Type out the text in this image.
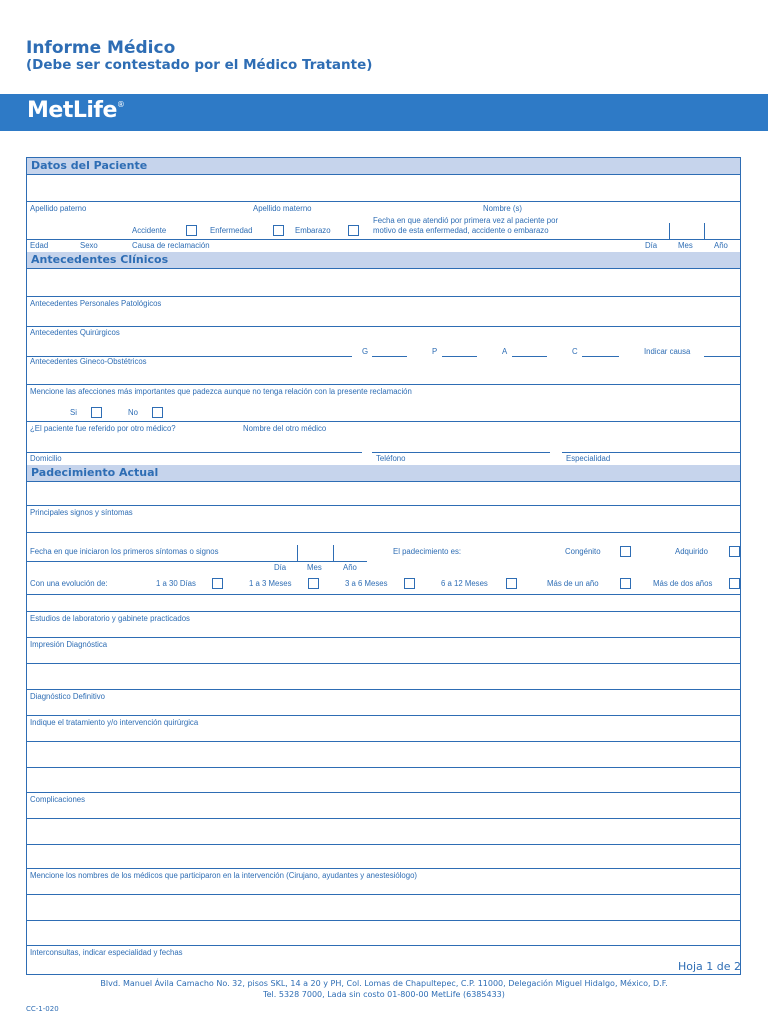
Informe Médico
(Debe ser contestado por el Médico Tratante)
MetLife®
Datos del Paciente
Apellido paterno	Apellido materno	Nombre (s)
Accidente	Enfermedad	Embarazo
Fecha en que atendió por primera vez al paciente por
motivo de esta enfermedad, accidente o embarazo
Edad	Sexo	Causa de reclamación	Día	Mes	Año
Antecedentes Clínicos
Antecedentes Personales Patológicos
Antecedentes Quirúrgicos
Antecedentes Gineco-Obstétricos
G	P	A	C	Indicar causa
Mencione las afecciones más importantes que padezca aunque no tenga relación con la presente reclamación
Si	No
¿El paciente fue referido por otro médico?	Nombre del otro médico
Domicilio	Teléfono	Especialidad
Padecimiento Actual
Principales signos y síntomas
Fecha en que iniciaron los primeros síntomas o signos	El padecimiento es:	Congénito	Adquirido
Día	Mes	Año
Con una evolución de:	1 a 30 Días	1 a 3 Meses	3 a 6 Meses	6 a 12 Meses	Más de un año	Más de dos años
Estudios de laboratorio y gabinete practicados
Impresión Diagnóstica
Diagnóstico Definitivo
Indique el tratamiento y/o intervención quirúrgica
Complicaciones
Mencione los nombres de los médicos que participaron en la intervención (Cirujano, ayudantes y anestesiólogo)
Interconsultas, indicar especialidad y fechas
Hoja 1 de 2
Blvd. Manuel Ávila Camacho No. 32, pisos SKL, 14 a 20 y PH, Col. Lomas de Chapultepec, C.P. 11000, Delegación Miguel Hidalgo, México, D.F.
Tel. 5328 7000, Lada sin costo 01-800-00 MetLife (6385433)
CC-1-020
